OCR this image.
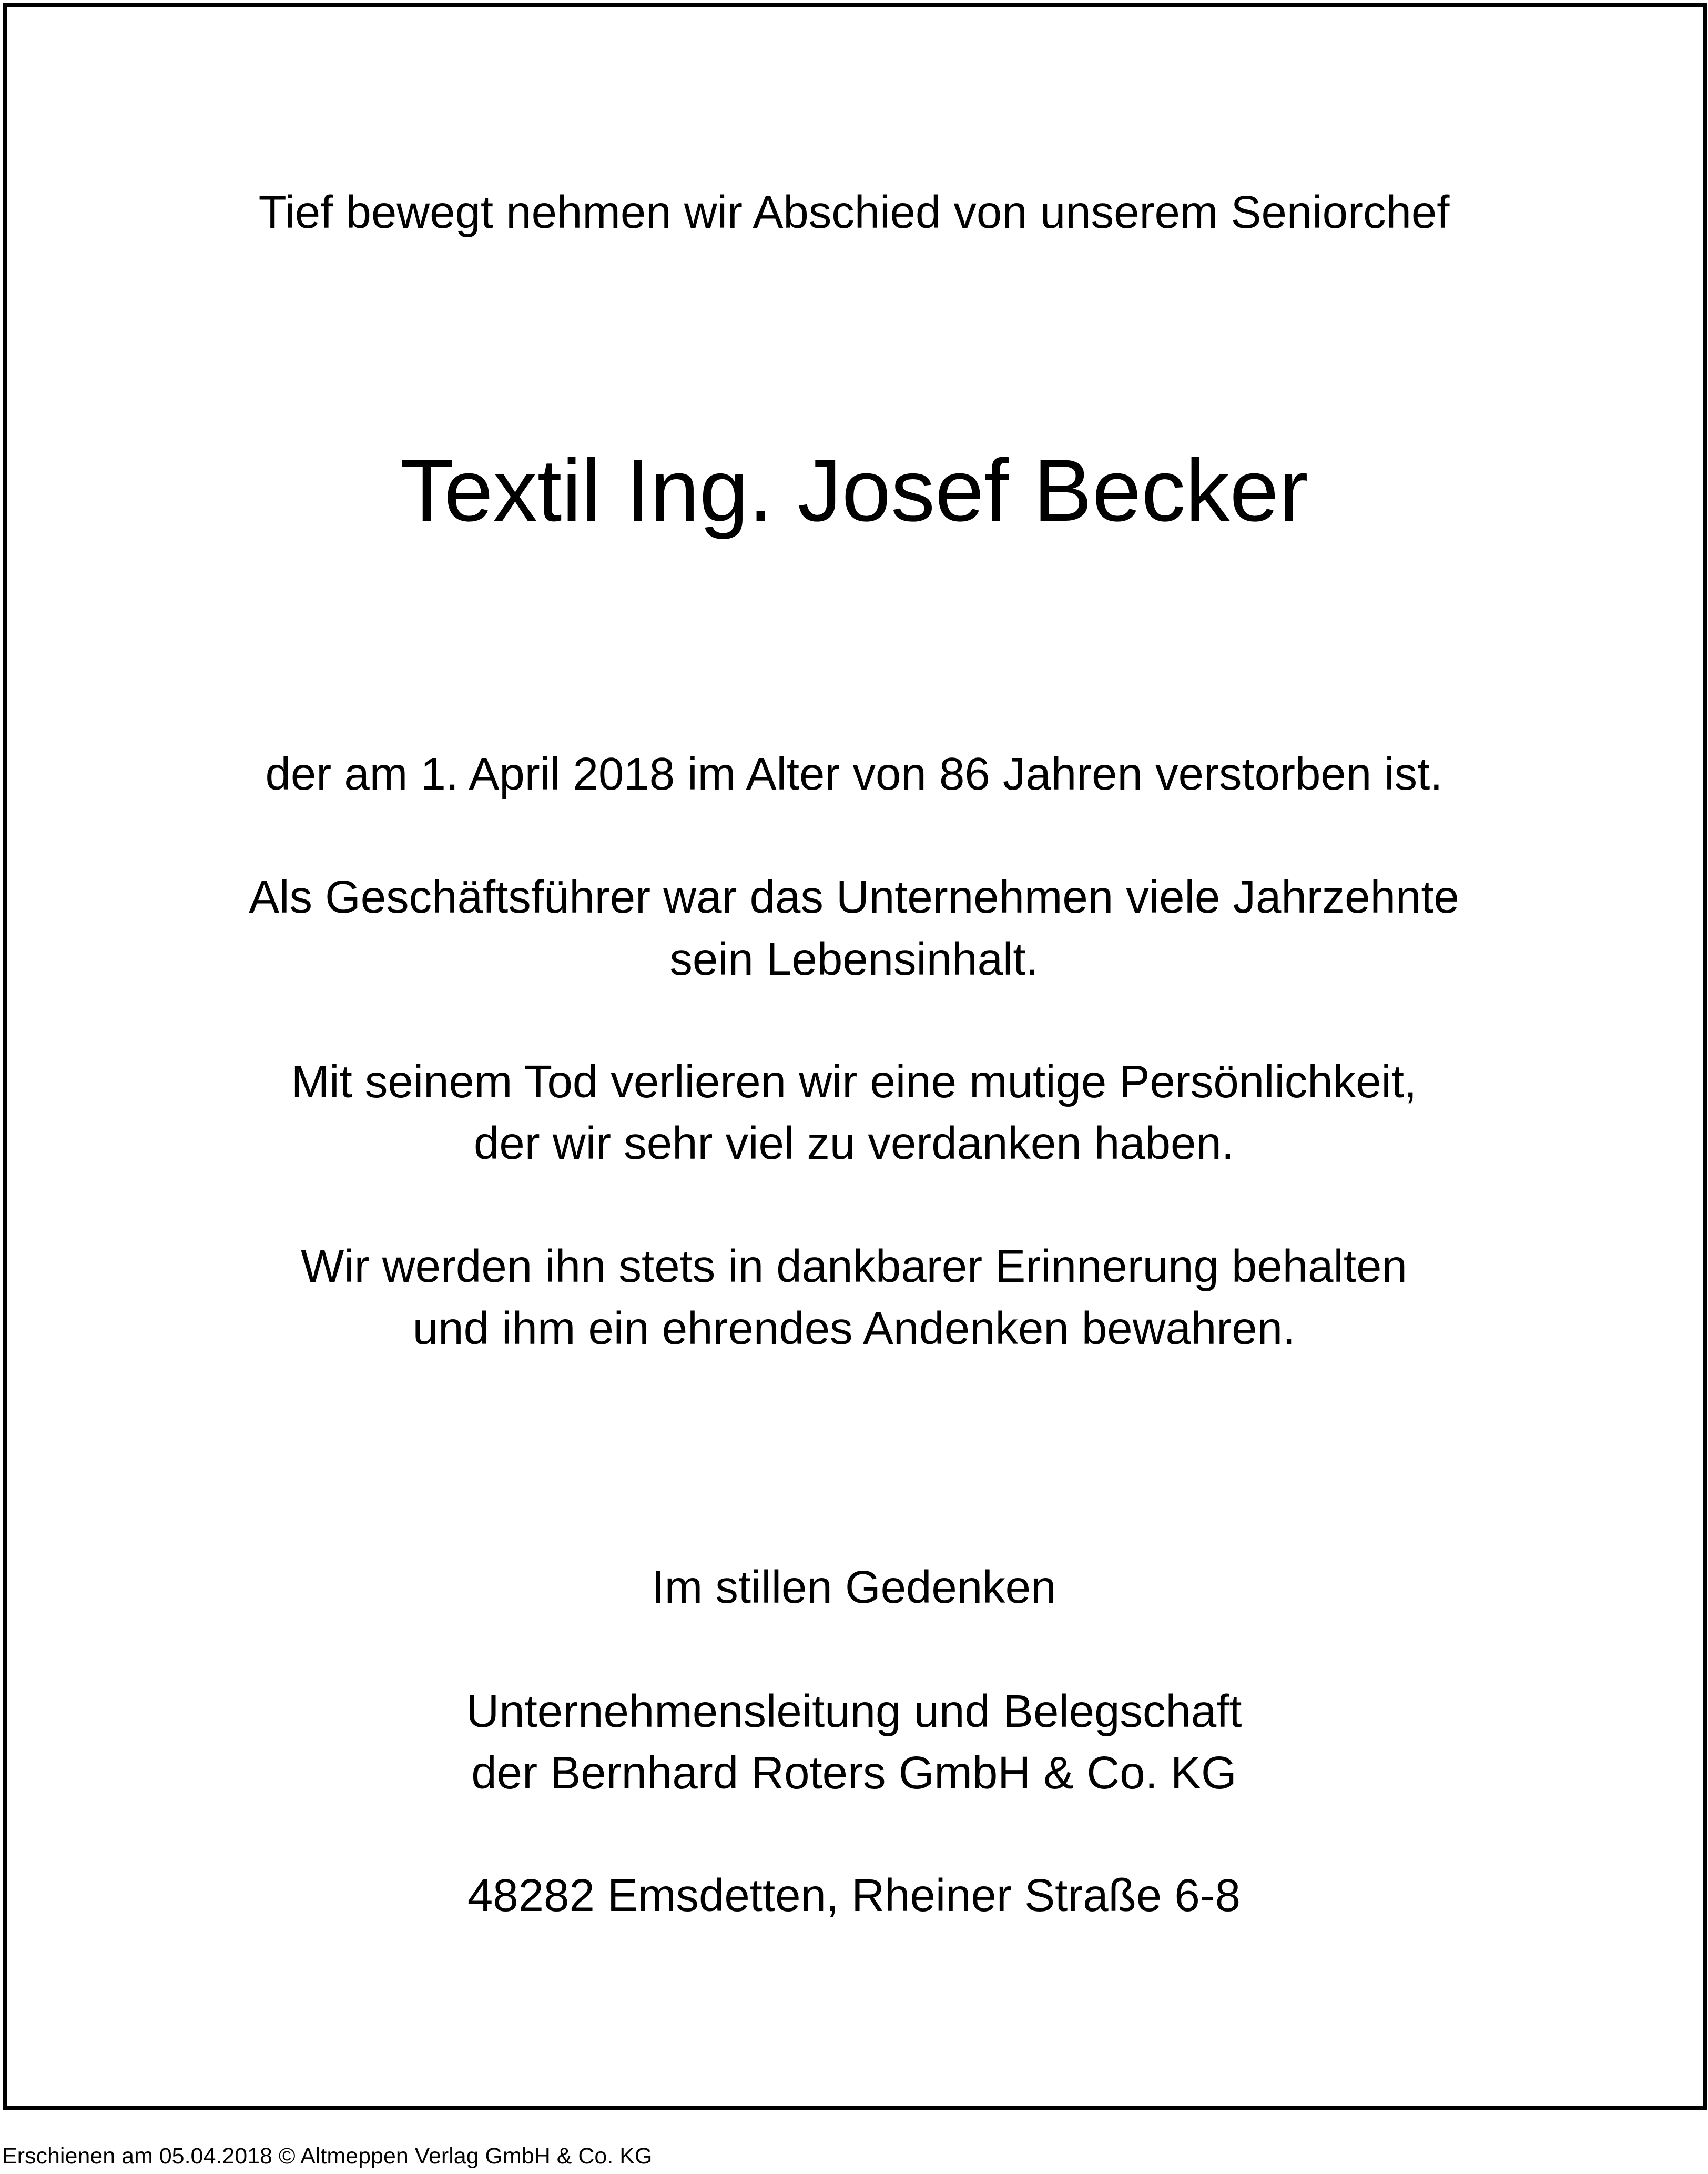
Tief bewegt nehmen wir Abschied von unserem Seniorchef
Textil Ing. Josef Becker
der am 1. April 2018 im Alter von 86 Jahren verstorben ist.
Als Geschäftsführer war das Unternehmen viele Jahrzehnte
sein Lebensinhalt.
Mit seinem Tod verlieren wir eine mutige Persönlichkeit,
der wir sehr viel zu verdanken haben.
Wir werden ihn stets in dankbarer Erinnerung behalten
und ihm ein ehrendes Andenken bewahren.
Im stillen Gedenken
Unternehmensleitung und Belegschaft
der Bernhard Roters GmbH & Co. KG
48282 Emsdetten, Rheiner Straße 6-8
Erschienen am 05.04.2018 © Altmeppen Verlag GmbH & Co. KG
